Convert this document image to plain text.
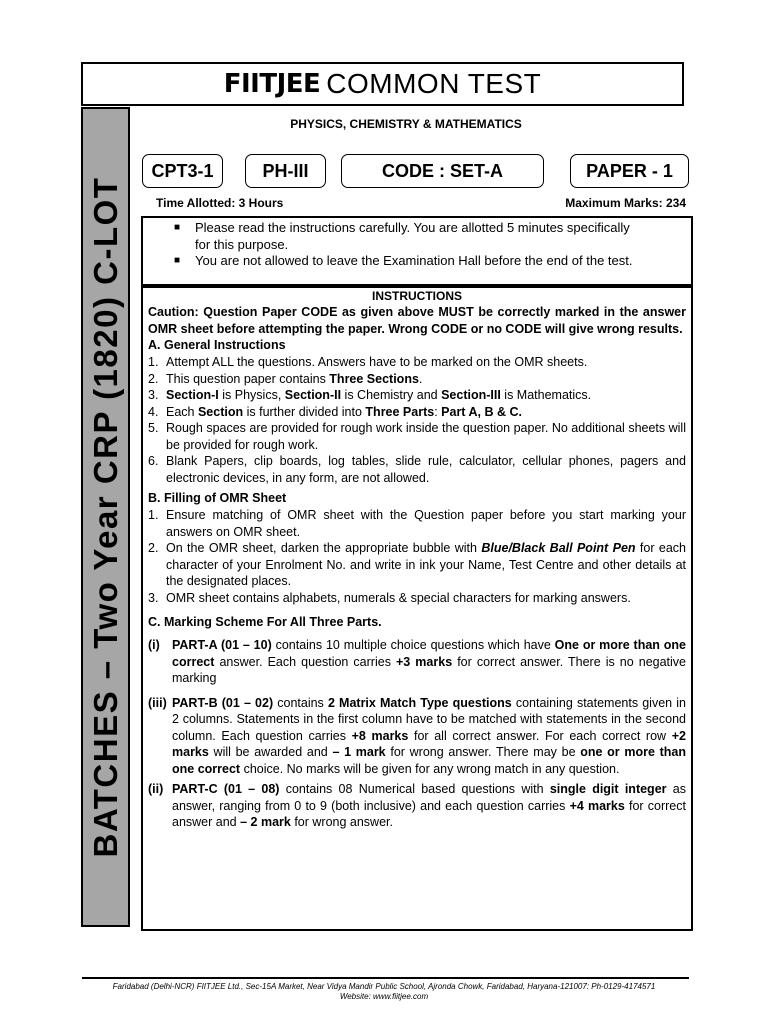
FIITJEE COMMON TEST
BATCHES – Two Year CRP (1820) C-LOT
PHYSICS, CHEMISTRY & MATHEMATICS
CPT3-1	PH-III	CODE : SET-A	PAPER - 1
Time Allotted: 3 Hours	Maximum Marks: 234
■ Please read the instructions carefully. You are allotted 5 minutes specifically for this purpose.
■ You are not allowed to leave the Examination Hall before the end of the test.
INSTRUCTIONS
Caution: Question Paper CODE as given above MUST be correctly marked in the answer OMR sheet before attempting the paper. Wrong CODE or no CODE will give wrong results.
A. General Instructions
1. Attempt ALL the questions. Answers have to be marked on the OMR sheets.
2. This question paper contains Three Sections.
3. Section-I is Physics, Section-II is Chemistry and Section-III is Mathematics.
4. Each Section is further divided into Three Parts: Part A, B & C.
5. Rough spaces are provided for rough work inside the question paper. No additional sheets will be provided for rough work.
6. Blank Papers, clip boards, log tables, slide rule, calculator, cellular phones, pagers and electronic devices, in any form, are not allowed.
B. Filling of OMR Sheet
1. Ensure matching of OMR sheet with the Question paper before you start marking your answers on OMR sheet.
2. On the OMR sheet, darken the appropriate bubble with Blue/Black Ball Point Pen for each character of your Enrolment No. and write in ink your Name, Test Centre and other details at the designated places.
3. OMR sheet contains alphabets, numerals & special characters for marking answers.
C. Marking Scheme For All Three Parts.
(i) PART-A (01 – 10) contains 10 multiple choice questions which have One or more than one correct answer. Each question carries +3 marks for correct answer. There is no negative marking
(iii) PART-B (01 – 02) contains 2 Matrix Match Type questions containing statements given in 2 columns. Statements in the first column have to be matched with statements in the second column. Each question carries +8 marks for all correct answer. For each correct row +2 marks will be awarded and – 1 mark for wrong answer. There may be one or more than one correct choice. No marks will be given for any wrong match in any question.
(ii) PART-C (01 – 08) contains 08 Numerical based questions with single digit integer as answer, ranging from 0 to 9 (both inclusive) and each question carries +4 marks for correct answer and – 2 mark for wrong answer.
Faridabad (Delhi-NCR) FIITJEE Ltd., Sec-15A Market, Near Vidya Mandir Public School, Ajronda Chowk, Faridabad, Haryana-121007: Ph-0129-4174571
Website: www.fiitjee.com
